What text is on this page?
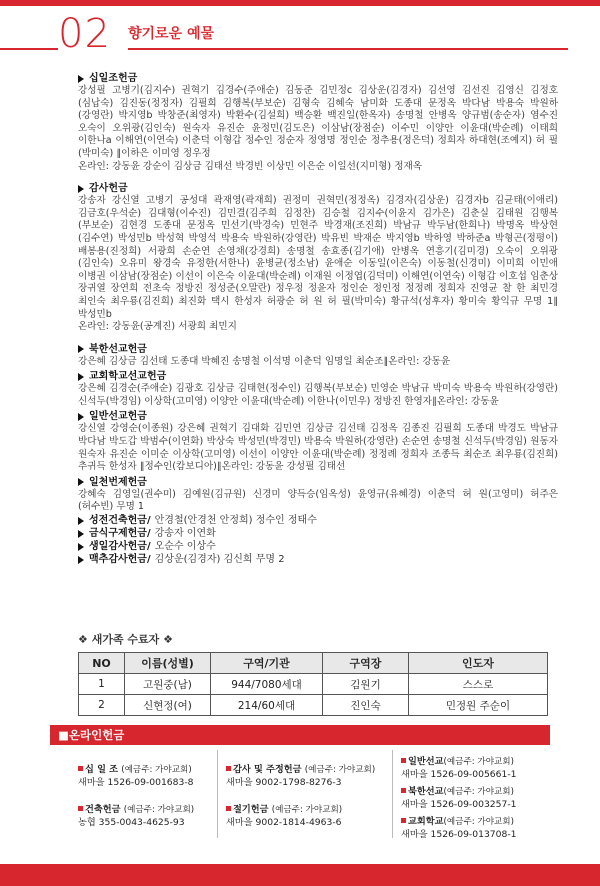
02 향기로운 예물
십일조헌금
강성필 고병기(김지수) 권혁기 김경수(주애순) 김동준 김민정c 김상운(김경자) 김선영 김선진 김영신 김정호(심납숙) 김진동(정정자) 김필희 김행복(부보순) 김형숙 김혜숙 남미화 도종대 문정옥 박다남 박용숙 박원하(강영란) 박지영b 박창준(최영자) 박환수(김설희) 백승환 백진일(한옥자) 송명철 안병옥 양규범(송순자) 염수진 오숙이 오위광(김인숙) 원숙자 유진순 윤정민(김도은) 이삼남(장점순) 이수민 이양안 이윤대(박순례) 이태희 이한나a 이해연(이연숙) 이춘덕 이형갑 정수인 정순자 정영명 정인순 정추용(정은덕) 정희자 하대현(조예지) 허 필(박미숙) ∥이하은 이미영 정우정
온라인: 강동윤 강순이 김상금 김태선 박경빈 이상민 이은순 이일선(지미형) 정재옥
감사헌금
강송자 강신열 고병기 공성대 곽재영(곽재희) 권정미 권혁민(정정옥) 김경자(김상운) 김경자b 김균태(이애리) 김금호(우석순) 김대형(이수진) 김민결(김주희 김정찬) 김승철 김지수(이윤지 김가은) 김춘실 김태원 김행복(부보순) 김현경 도종대 문정옥 민선기(박경숙) 민현주 박경재(조진희) 박남규 박두남(한희나) 박명옥 박상현(김수연) 박성민b 박성혁 박영석 박용숙 박원하(강영란) 박유빈 박재순 박지영b 박하영 박하준a 박형곤(정평이) 배봉용(진정희) 서광희 손순연 손영채(강경희) 송명철 송효종(김기애) 안병옥 연흥기(김미경) 오숙이 오위광(김인숙) 오유미 왕경숙 유정한(서한나) 윤병균(정소남) 윤애순 이동일(이은숙) 이동철(신경미) 이미희 이민애 이병권 이삼남(장점순) 이선이 이은숙 이윤대(박순례) 이재원 이정엽(김덕미) 이해연(이연숙) 이형갑 이호섭 임춘상 장귀열 장연희 전초숙 정방진 정성준(오말란) 정우정 정윤자 정인순 정인정 정정례 정희자 진영균 찰 한 최민경 최인숙 최우룡(김진희) 최진화 택시 한성자 허광순 허 원 허 필(박미숙) 황규석(성후자) 황미숙 황익규 무명 1∥박성민b
온라인: 강동윤(공계진) 서광희 최민지
북한선교헌금
강은혜 김상금 김선태 도종대 박혜진 송명철 이석명 이춘덕 임명일 최순조∥온라인: 강동윤
교회학교선교헌금
강은혜 김경순(주애순) 김광호 김상금 김태현(정수인) 김행복(부보순) 민영순 박남규 박미숙 박용숙 박원하(강영란) 신석두(박경임) 이상학(고미영) 이양안 이윤대(박순례) 이한나(이민우) 정방진 한영자∥온라인: 강동윤
일반선교헌금
강신열 강영순(이종원) 강은혜 권혁기 김대화 김민연 김상금 김선태 김정옥 김종진 김필희 도종대 박경도 박남규 박다남 박도갑 박범수(이연화) 박상숙 박성민(박경민) 박용숙 박원하(강영란) 손순연 송명철 신석두(박경임) 원동자 원숙자 유진순 이미순 이상학(고미영) 이선이 이양안 이윤대(박순례) 정정례 정희자 조종득 최순조 최우룡(김진희) 추귀득 한성자 ∥정수인(캄보디아)∥온라인: 강동윤 강성필 김태선
일천번제헌금
강혜숙 김영일(권수미) 김예원(김규원) 신경미 양득승(임옥성) 윤영규(유혜경) 이춘덕 허 원(고영미) 허주은(허수빈) 무명 1
성전건축헌금/ 안경철(안경천 안정희) 정수인 정태수
금식구제헌금/ 강송자 이연화
생일감사헌금/ 오순수 이상수
맥추감사헌금/ 김상운(김경자) 김신희 무명 2
❖ 새가족 수료자 ❖
NO	이름(성별)	구역/기관	구역장	인도자
1	고원중(남)	944/7080세대	김원기	스스로
2	신현정(여)	214/60세대	진인숙	민정원 주순이
■온라인헌금
십 일 조 (예금주: 가야교회)
새마을 1526-09-001683-8
건축헌금 (예금주: 가야교회)
농협 355-0043-4625-93
감사 및 주정헌금 (예금주: 가야교회)
새마을 9002-1798-8276-3
절기헌금 (예금주: 가야교회)
새마을 9002-1814-4963-6
일반선교(예금주: 가야교회)
새마을 1526-09-005661-1
북한선교(예금주: 가야교회)
새마을 1526-09-003257-1
교회학교(예금주: 가야교회)
새마을 1526-09-013708-1
